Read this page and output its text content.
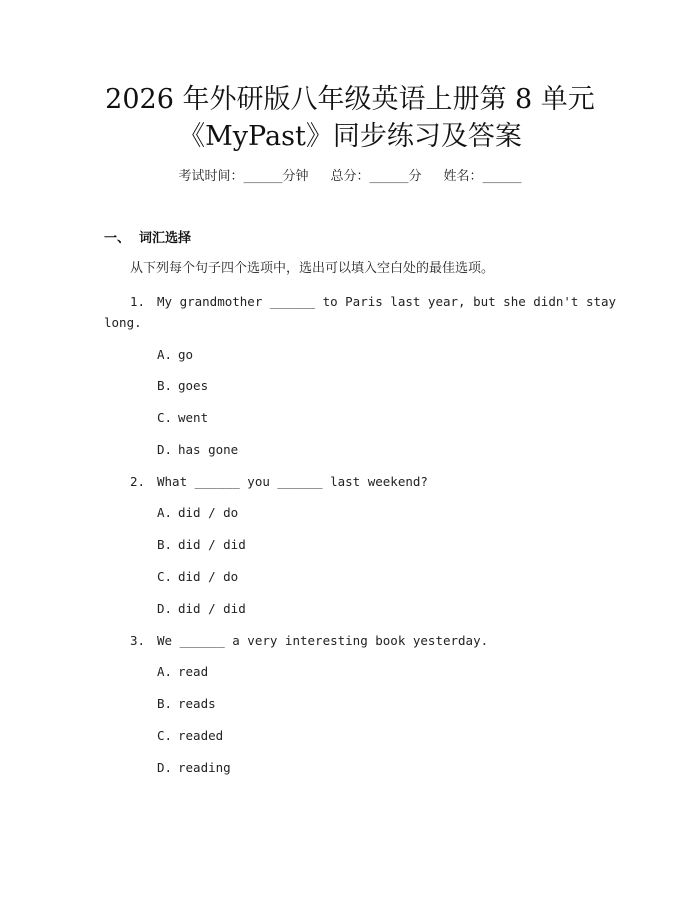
2026 年外研版八年级英语上册第 8 单元
《MyPast》同步练习及答案
考试时间：______分钟 总分：______分 姓名：______
一、 词汇选择
从下列每个句子四个选项中，选出可以填入空白处的最佳选项。
1. My grandmother ______ to Paris last year, but she didn't stay
long.
A. go
B. goes
C. went
D. has gone
2. What ______ you ______ last weekend?
A. did / do
B. did / did
C. did / do
D. did / did
3. We ______ a very interesting book yesterday.
A. read
B. reads
C. readed
D. reading
